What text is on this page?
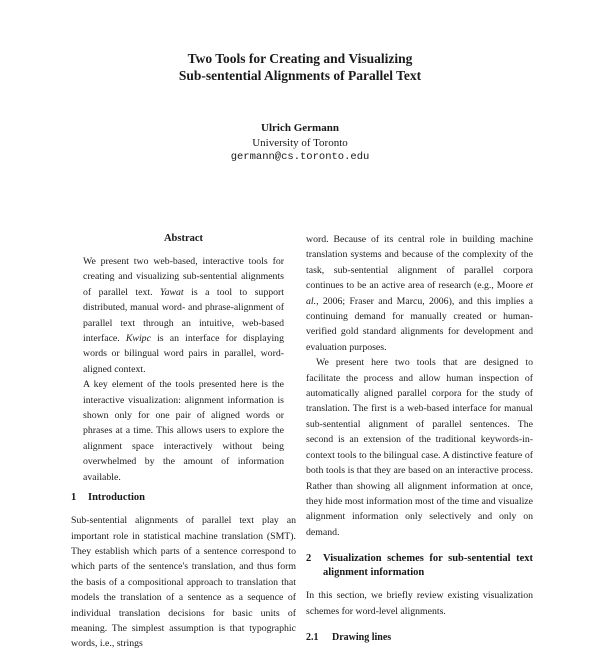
Two Tools for Creating and Visualizing
Sub-sentential Alignments of Parallel Text
Ulrich Germann
University of Toronto
germann@cs.toronto.edu
Abstract

We present two web-based, interactive tools for creating and visualizing sub-sentential alignments of parallel text. Yawat is a tool to support distributed, manual word- and phrase-alignment of parallel text through an intuitive, web-based interface. Kwipc is an interface for displaying words or bilingual word pairs in parallel, word-aligned context.

A key element of the tools presented here is the interactive visualization: alignment information is shown only for one pair of aligned words or phrases at a time. This allows users to explore the alignment space interactively without being overwhelmed by the amount of information available.

1	Introduction

Sub-sentential alignments of parallel text play an important role in statistical machine translation (SMT). They establish which parts of a sentence correspond to which parts of the sentence's translation, and thus form the basis of a compositional approach to translation that models the translation of a sentence as a sequence of individual translation decisions for basic units of meaning. The simplest assumption is that typographic words, i.e., strings

word. Because of its central role in building machine translation systems and because of the complexity of the task, sub-sentential alignment of parallel corpora continues to be an active area of research (e.g., Moore et al., 2006; Fraser and Marcu, 2006), and this implies a continuing demand for manually created or human-verified gold standard alignments for development and evaluation purposes.

We present here two tools that are designed to facilitate the process and allow human inspection of automatically aligned parallel corpora for the study of translation. The first is a web-based interface for manual sub-sentential alignment of parallel sentences. The second is an extension of the traditional keywords-in-context tools to the bilingual case. A distinctive feature of both tools is that they are based on an interactive process. Rather than showing all alignment information at once, they hide most information most of the time and visualize alignment information only selectively and only on demand.

2	Visualization schemes for sub-sentential text alignment information

In this section, we briefly review existing visualization schemes for word-level alignments.

2.1	Drawing lines
